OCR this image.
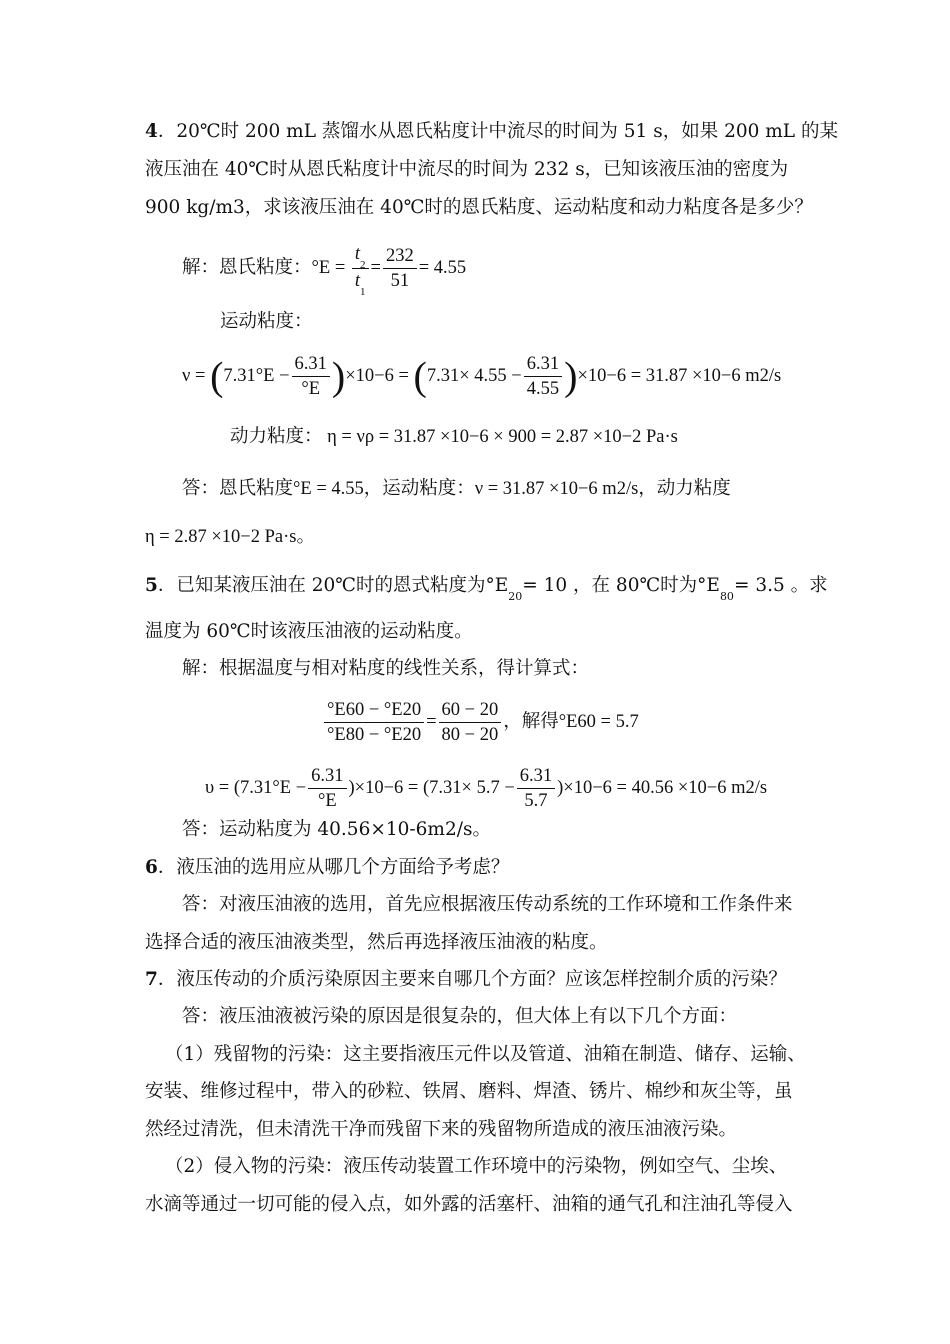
4．20℃时 200 mL 蒸馏水从恩氏粘度计中流尽的时间为 51 s，如果 200 mL 的某
液压油在 40℃时从恩氏粘度计中流尽的时间为 232 s，已知该液压油的密度为
900 kg/m3，求该液压油在 40℃时的恩氏粘度、运动粘度和动力粘度各是多少？
解：恩氏粘度：$^\circ E = \frac{t_2}{t_1} = \frac{232}{51} = 4.55$
运动粘度：
$\nu = (7.31^\circ E - \frac{6.31}{^\circ E} )\times 10-6 = (7.31\times 4.55 - \frac{6.31}{4.55} )\times 10-6 = 31.87 \times 10-6$ m2/s
动力粘度： η = νρ = 31.87 ×10−6 × 900 = 2.87 ×10−2 Pa·s
答：恩氏粘度°E = 4.55，运动粘度：ν = 31.87 ×10−6 m2/s，动力粘度
η = 2.87 ×10−2 Pa·s。
5．已知某液压油在 20℃时的恩式粘度为$^\circ E_{20}= 10$ ，在 80℃时为$^\circ E_{80}= 3.5$ 。求
温度为 60℃时该液压油液的运动粘度。
解：根据温度与相对粘度的线性关系，得计算式：
$\frac{^\circ E60 - ^\circ E20}{^\circ E80 - ^\circ E20} = \frac{60 - 20}{80 - 20}$ ，解得°E60 = 5.7
$\upsilon = (7.31^\circ E - \frac{6.31}{^\circ E} )\times 10-6 = (7.31\times 5.7 - \frac{6.31}{5.7} )\times 10-6 = 40.56 \times 10-6$ m2/s
答：运动粘度为 40.56×10-6m2/s。
6．液压油的选用应从哪几个方面给予考虑？
答：对液压油液的选用，首先应根据液压传动系统的工作环境和工作条件来
选择合适的液压油液类型，然后再选择液压油液的粘度。
7．液压传动的介质污染原因主要来自哪几个方面？应该怎样控制介质的污染？
答：液压油液被污染的原因是很复杂的，但大体上有以下几个方面：
（1）残留物的污染：这主要指液压元件以及管道、油箱在制造、储存、运输、
安装、维修过程中，带入的砂粒、铁屑、磨料、焊渣、锈片、棉纱和灰尘等，虽
然经过清洗，但未清洗干净而残留下来的残留物所造成的液压油液污染。
（2）侵入物的污染：液压传动装置工作环境中的污染物，例如空气、尘埃、
水滴等通过一切可能的侵入点，如外露的活塞杆、油箱的通气孔和注油孔等侵入
